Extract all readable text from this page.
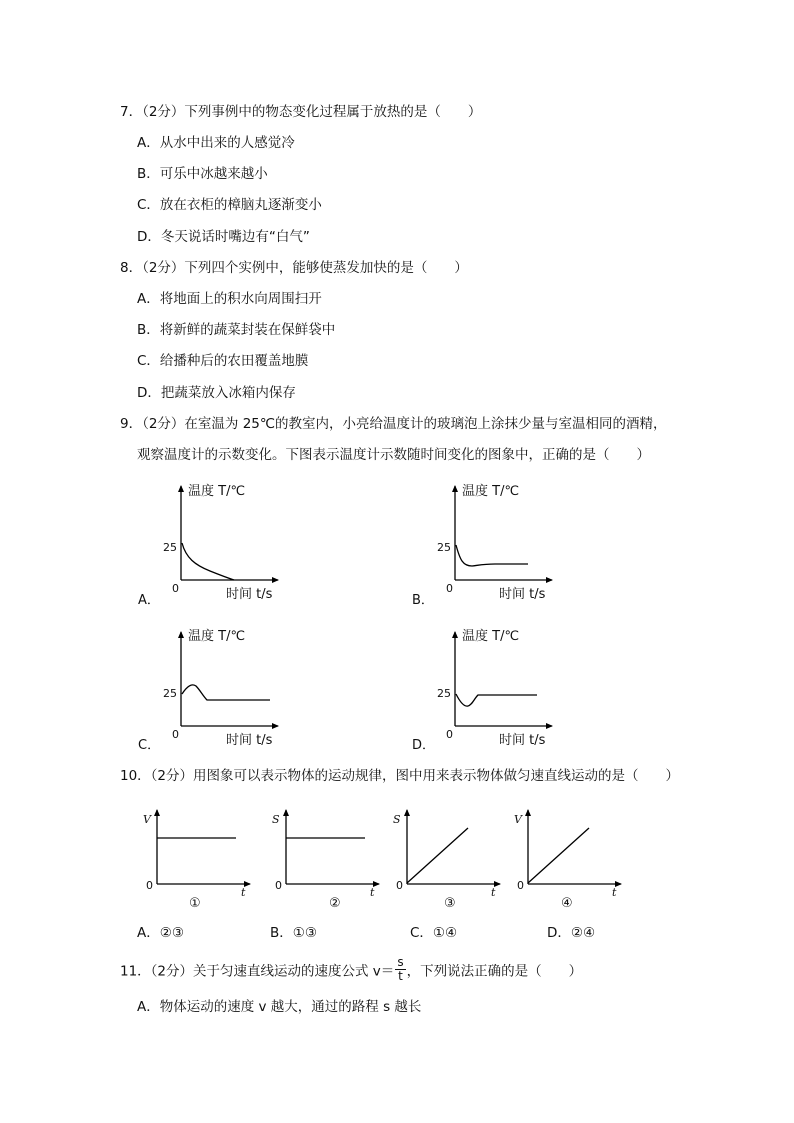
7．（2分）下列事例中的物态变化过程属于放热的是（　　）
A．从水中出来的人感觉冷
B．可乐中冰越来越小
C．放在衣柜的樟脑丸逐渐变小
D．冬天说话时嘴边有“白气”
8．（2分）下列四个实例中，能够使蒸发加快的是（　　）
A．将地面上的积水向周围扫开
B．将新鲜的蔬菜封装在保鲜袋中
C．给播种后的农田覆盖地膜
D．把蔬菜放入冰箱内保存
9．（2分）在室温为 25℃的教室内，小亮给温度计的玻璃泡上涂抹少量与室温相同的酒精，
观察温度计的示数变化。下图表示温度计示数随时间变化的图象中，正确的是（　　）
温度 T/℃
25
0	时间 t/s
A．
温度 T/℃
25
0	时间 t/s
B．
温度 T/℃
25
0	时间 t/s
C．
温度 T/℃
25
0	时间 t/s
D．
V
0
t
①
S
0
t
②
S
0
t
③
V
0
t
④
10．（2分）用图象可以表示物体的运动规律，图中用来表示物体做匀速直线运动的是（　　）
A．②③	B．①③	C．①④	D．②④
11．（2分）关于匀速直线运动的速度公式 $v= \frac{s}{t}$ ，下列说法正确的是（　　）
A．物体运动的速度 v 越大，通过的路程 s 越长
